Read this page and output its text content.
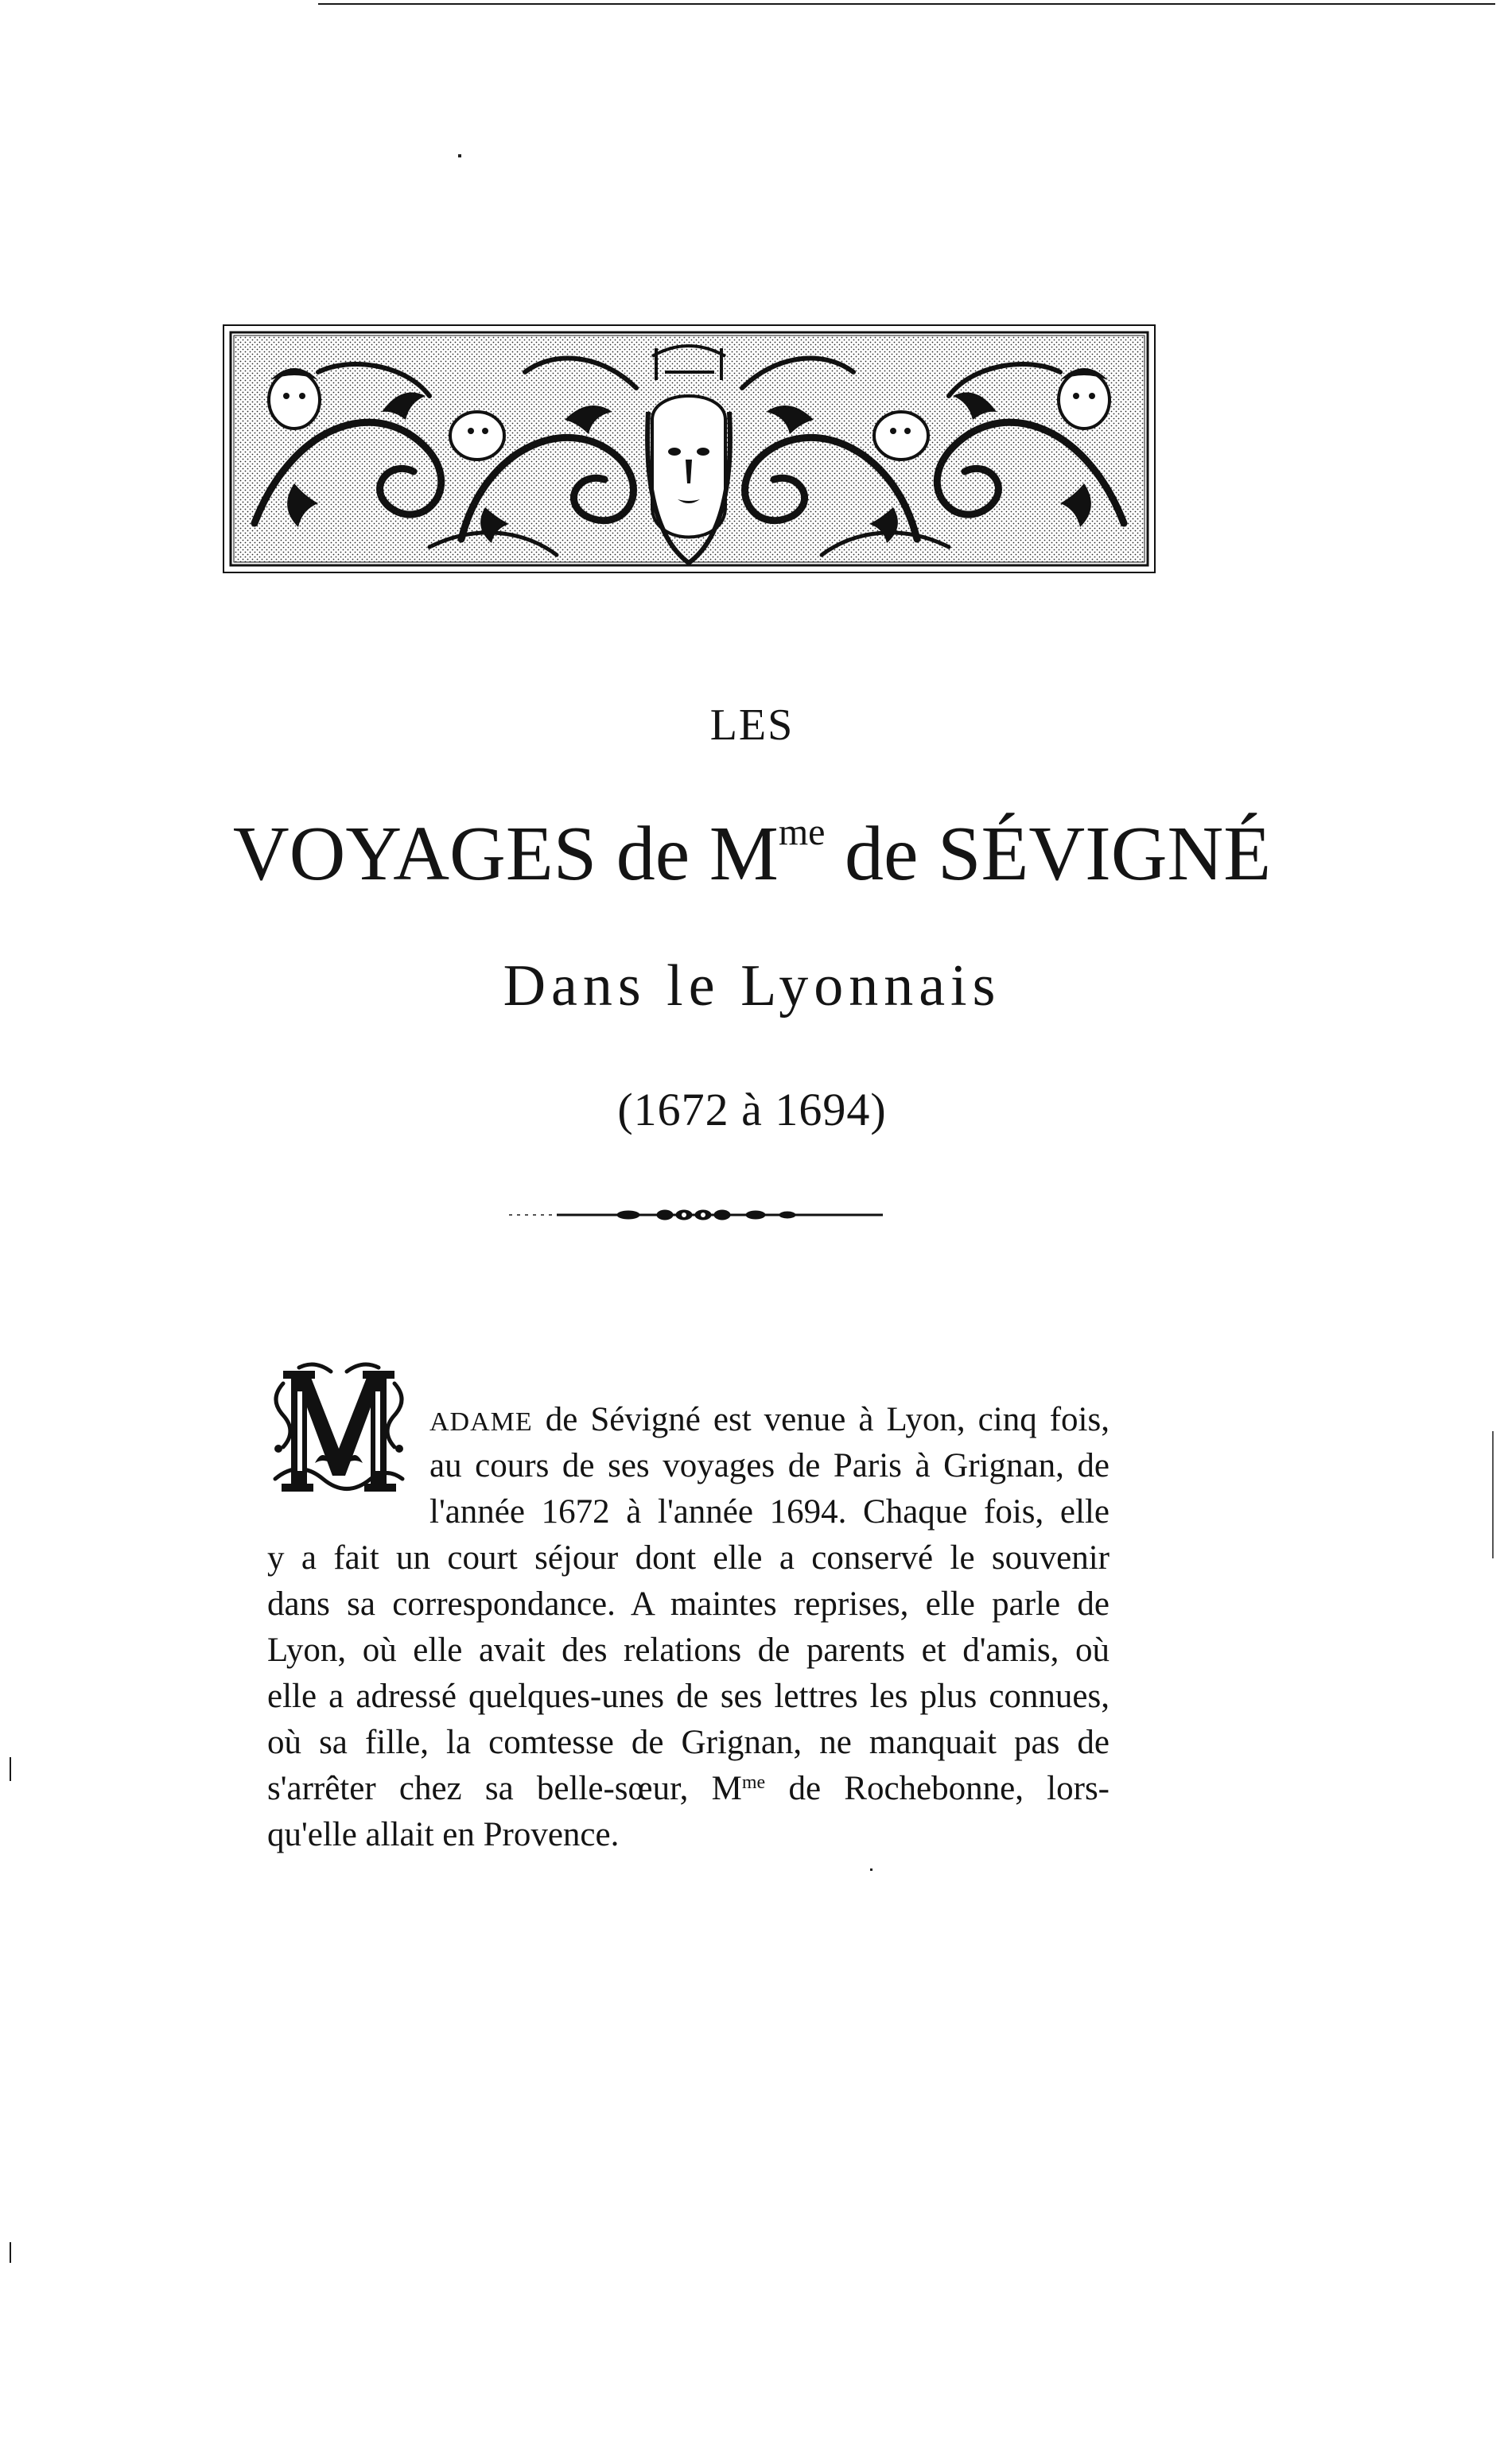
LES
VOYAGES de $M^{me}$ de SÉVIGNÉ
Dans le Lyonnais
(1672 à 1694)

ADAME de Sévigné est venue à Lyon, cinq fois,

au cours de ses voyages de Paris à Grignan, de

l'année 1672 à l'année 1694. Chaque fois, elle

y a fait un court séjour dont elle a conservé le souvenir

dans sa correspondance. A maintes reprises, elle parle de

Lyon, où elle avait des relations de parents et d'amis, où

elle a adressé quelques-unes de ses lettres les plus connues,

où sa fille, la comtesse de Grignan, ne manquait pas de

s'arrêter chez sa belle-sœur, $M^{me}$ de Rochebonne, lors-

qu'elle allait en Provence.
